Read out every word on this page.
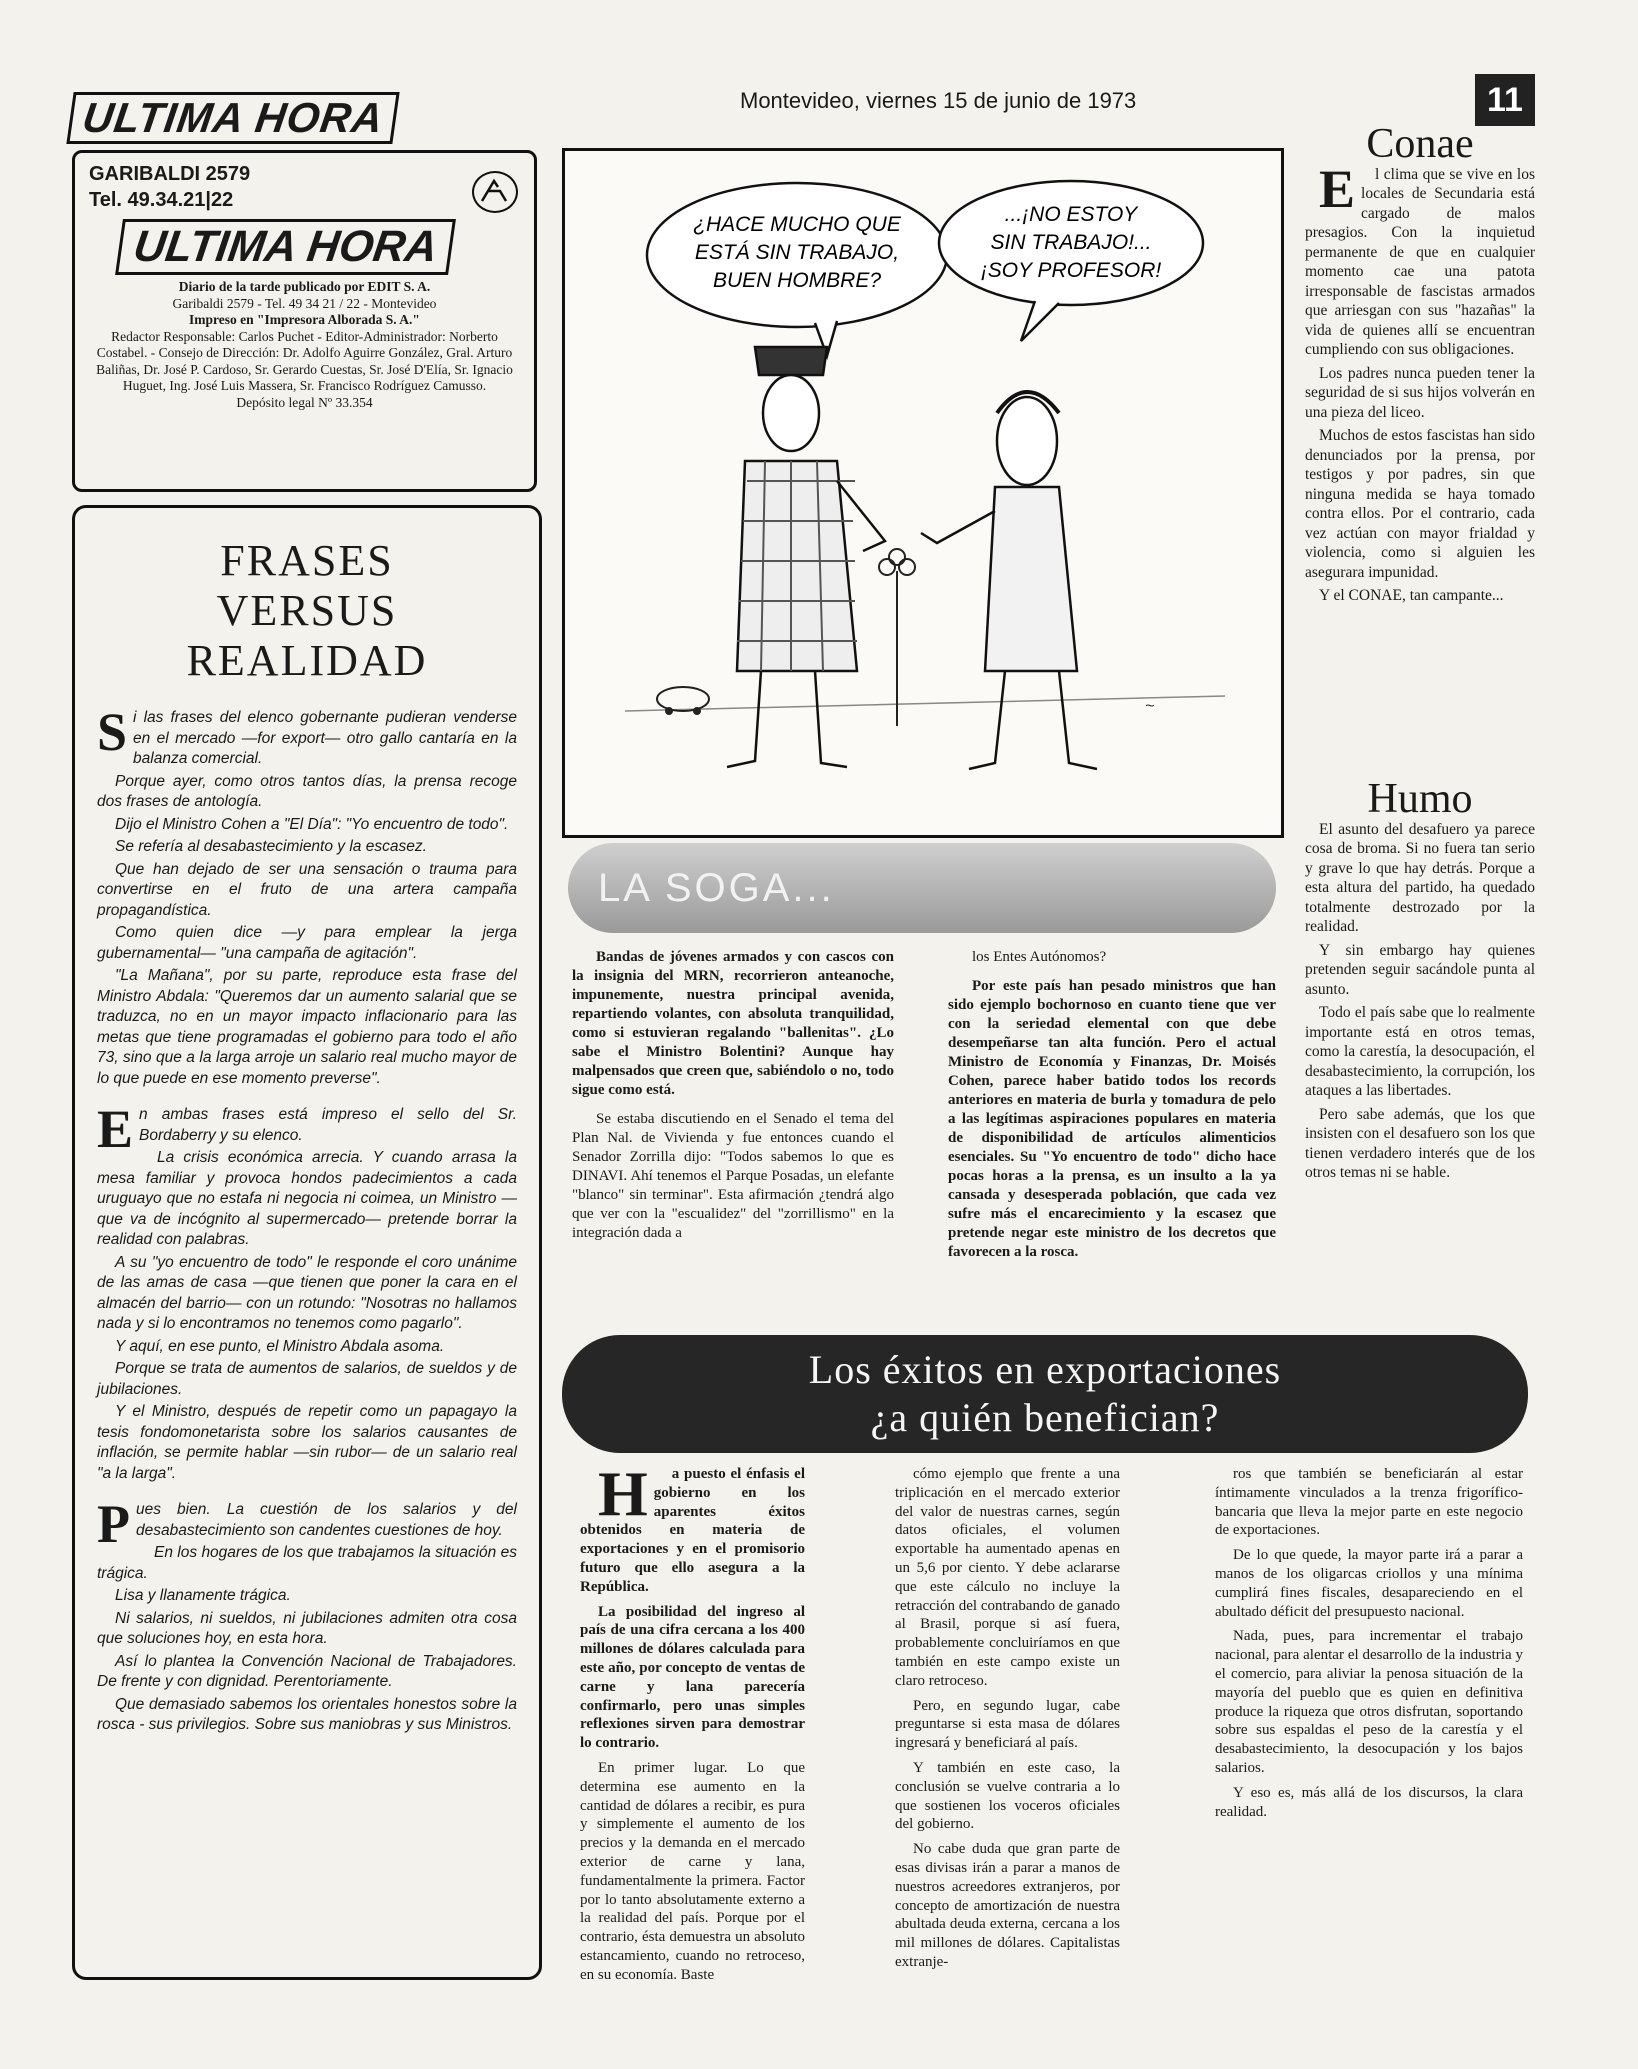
ULTIMA HORA	Montevideo, viernes 15 de junio de 1973	11
GARIBALDI 2579
Tel. 49.34.21|22
ULTIMA HORA
Diario de la tarde publicado por EDIT S. A.
Garibaldi 2579 - Tel. 49 34 21 / 22 - Montevideo
Impreso en "Impresora Alborada S. A."
Redactor Responsable: Carlos Puchet - Editor-Administrador: Norberto Costabel. - Consejo de Dirección: Dr. Adolfo Aguirre González, Gral. Arturo Baliñas, Dr. José P. Cardoso, Sr. Gerardo Cuestas, Sr. José D'Elía, Sr. Ignacio Huguet, Ing. José Luis Massera, Sr. Francisco Rodríguez Camusso.
Depósito legal Nº 33.354
FRASES
VERSUS
REALIDAD

Si las frases del elenco gobernante pudieran venderse en el mercado —for export— otro gallo cantaría en la balanza comercial.

Porque ayer, como otros tantos días, la prensa recoge dos frases de antología.

Dijo el Ministro Cohen a "El Día": "Yo encuentro de todo".

Se refería al desabastecimiento y la escasez.

Que han dejado de ser una sensación o trauma para convertirse en el fruto de una artera campaña propagandística.

Como quien dice —y para emplear la jerga gubernamental— "una campaña de agitación".

"La Mañana", por su parte, reproduce esta frase del Ministro Abdala: "Queremos dar un aumento salarial que se traduzca, no en un mayor impacto inflacionario para las metas que tiene programadas el gobierno para todo el año 73, sino que a la larga arroje un salario real mucho mayor de lo que puede en ese momento preverse".

En ambas frases está impreso el sello del Sr. Bordaberry y su elenco.

La crisis económica arrecia. Y cuando arrasa la mesa familiar y provoca hondos padecimientos a cada uruguayo que no estafa ni negocia ni coimea, un Ministro —que va de incógnito al supermercado— pretende borrar la realidad con palabras.

A su "yo encuentro de todo" le responde el coro unánime de las amas de casa —que tienen que poner la cara en el almacén del barrio— con un rotundo: "Nosotras no hallamos nada y si lo encontramos no tenemos como pagarlo".

Y aquí, en ese punto, el Ministro Abdala asoma.

Porque se trata de aumentos de salarios, de sueldos y de jubilaciones.

Y el Ministro, después de repetir como un papagayo la tesis fondomonetarista sobre los salarios causantes de inflación, se permite hablar —sin rubor— de un salario real "a la larga".

Pues bien. La cuestión de los salarios y del desabastecimiento son candentes cuestiones de hoy.

En los hogares de los que trabajamos la situación es trágica.

Lisa y llanamente trágica.

Ni salarios, ni sueldos, ni jubilaciones admiten otra cosa que soluciones hoy, en esta hora.

Así lo plantea la Convención Nacional de Trabajadores. De frente y con dignidad. Perentoriamente.

Que demasiado sabemos los orientales honestos sobre la rosca - sus privilegios. Sobre sus maniobras y sus Ministros.

¿HACE MUCHO QUE
ESTÁ SIN TRABAJO,
BUEN HOMBRE?
...¡NO ESTOY
SIN TRABAJO!...
¡SOY PROFESOR!
~
Conae

E l clima que se vive en los locales de Secundaria está cargado de malos presagios. Con la inquietud permanente de que en cualquier momento cae una patota irresponsable de fascistas armados que arriesgan con sus "hazañas" la vida de quienes allí se encuentran cumpliendo con sus obligaciones.

Los padres nunca pueden tener la seguridad de si sus hijos volverán en una pieza del liceo.

Muchos de estos fascistas han sido denunciados por la prensa, por testigos y por padres, sin que ninguna medida se haya tomado contra ellos. Por el contrario, cada vez actúan con mayor frialdad y violencia, como si alguien les asegurara impunidad.

Y el CONAE, tan campante...

Humo

El asunto del desafuero ya parece cosa de broma. Si no fuera tan serio y grave lo que hay detrás. Porque a esta altura del partido, ha quedado totalmente destrozado por la realidad.

Y sin embargo hay quienes pretenden seguir sacándole punta al asunto.

Todo el país sabe que lo realmente importante está en otros temas, como la carestía, la desocupación, el desabastecimiento, la corrupción, los ataques a las libertades.

Pero sabe además, que los que insisten con el desafuero son los que tienen verdadero interés que de los otros temas ni se hable.

LA SOGA...

Bandas de jóvenes armados y con cascos con la insignia del MRN, recorrieron anteanoche, impunemente, nuestra principal avenida, repartiendo volantes, con absoluta tranquilidad, como si estuvieran regalando "ballenitas". ¿Lo sabe el Ministro Bolentini? Aunque hay malpensados que creen que, sabiéndolo o no, todo sigue como está.

Se estaba discutiendo en el Senado el tema del Plan Nal. de Vivienda y fue entonces cuando el Senador Zorrilla dijo: "Todos sabemos lo que es DINAVI. Ahí tenemos el Parque Posadas, un elefante "blanco" sin terminar". Esta afirmación ¿tendrá algo que ver con la "escualidez" del "zorrillismo" en la integración dada a

los Entes Autónomos?

Por este país han pesado ministros que han sido ejemplo bochornoso en cuanto tiene que ver con la seriedad elemental con que debe desempeñarse tan alta función. Pero el actual Ministro de Economía y Finanzas, Dr. Moisés Cohen, parece haber batido todos los records anteriores en materia de burla y tomadura de pelo a las legítimas aspiraciones populares en materia de disponibilidad de artículos alimenticios esenciales. Su "Yo encuentro de todo" dicho hace pocas horas a la prensa, es un insulto a la ya cansada y desesperada población, que cada vez sufre más el encarecimiento y la escasez que pretende negar este ministro de los decretos que favorecen a la rosca.

Los éxitos en exportaciones
¿a quién benefician?

H a puesto el énfasis el gobierno en los aparentes éxitos obtenidos en materia de exportaciones y en el promisorio futuro que ello asegura a la República.

La posibilidad del ingreso al país de una cifra cercana a los 400 millones de dólares calculada para este año, por concepto de ventas de carne y lana parecería confirmarlo, pero unas simples reflexiones sirven para demostrar lo contrario.

En primer lugar. Lo que determina ese aumento en la cantidad de dólares a recibir, es pura y simplemente el aumento de los precios y la demanda en el mercado exterior de carne y lana, fundamentalmente la primera. Factor por lo tanto absolutamente externo a la realidad del país. Porque por el contrario, ésta demuestra un absoluto estancamiento, cuando no retroceso, en su economía. Baste

cómo ejemplo que frente a una triplicación en el mercado exterior del valor de nuestras carnes, según datos oficiales, el volumen exportable ha aumentado apenas en un 5,6 por ciento. Y debe aclararse que este cálculo no incluye la retracción del contrabando de ganado al Brasil, porque si así fuera, probablemente concluiríamos en que también en este campo existe un claro retroceso.

Pero, en segundo lugar, cabe preguntarse si esta masa de dólares ingresará y beneficiará al país.

Y también en este caso, la conclusión se vuelve contraria a lo que sostienen los voceros oficiales del gobierno.

No cabe duda que gran parte de esas divisas irán a parar a manos de nuestros acreedores extranjeros, por concepto de amortización de nuestra abultada deuda externa, cercana a los mil millones de dólares. Capitalistas extranje-

ros que también se beneficiarán al estar íntimamente vinculados a la trenza frigorífico-bancaria que lleva la mejor parte en este negocio de exportaciones.

De lo que quede, la mayor parte irá a parar a manos de los oligarcas criollos y una mínima cumplirá fines fiscales, desapareciendo en el abultado déficit del presupuesto nacional.

Nada, pues, para incrementar el trabajo nacional, para alentar el desarrollo de la industria y el comercio, para aliviar la penosa situación de la mayoría del pueblo que es quien en definitiva produce la riqueza que otros disfrutan, soportando sobre sus espaldas el peso de la carestía y el desabastecimiento, la desocupación y los bajos salarios.

Y eso es, más allá de los discursos, la clara realidad.
